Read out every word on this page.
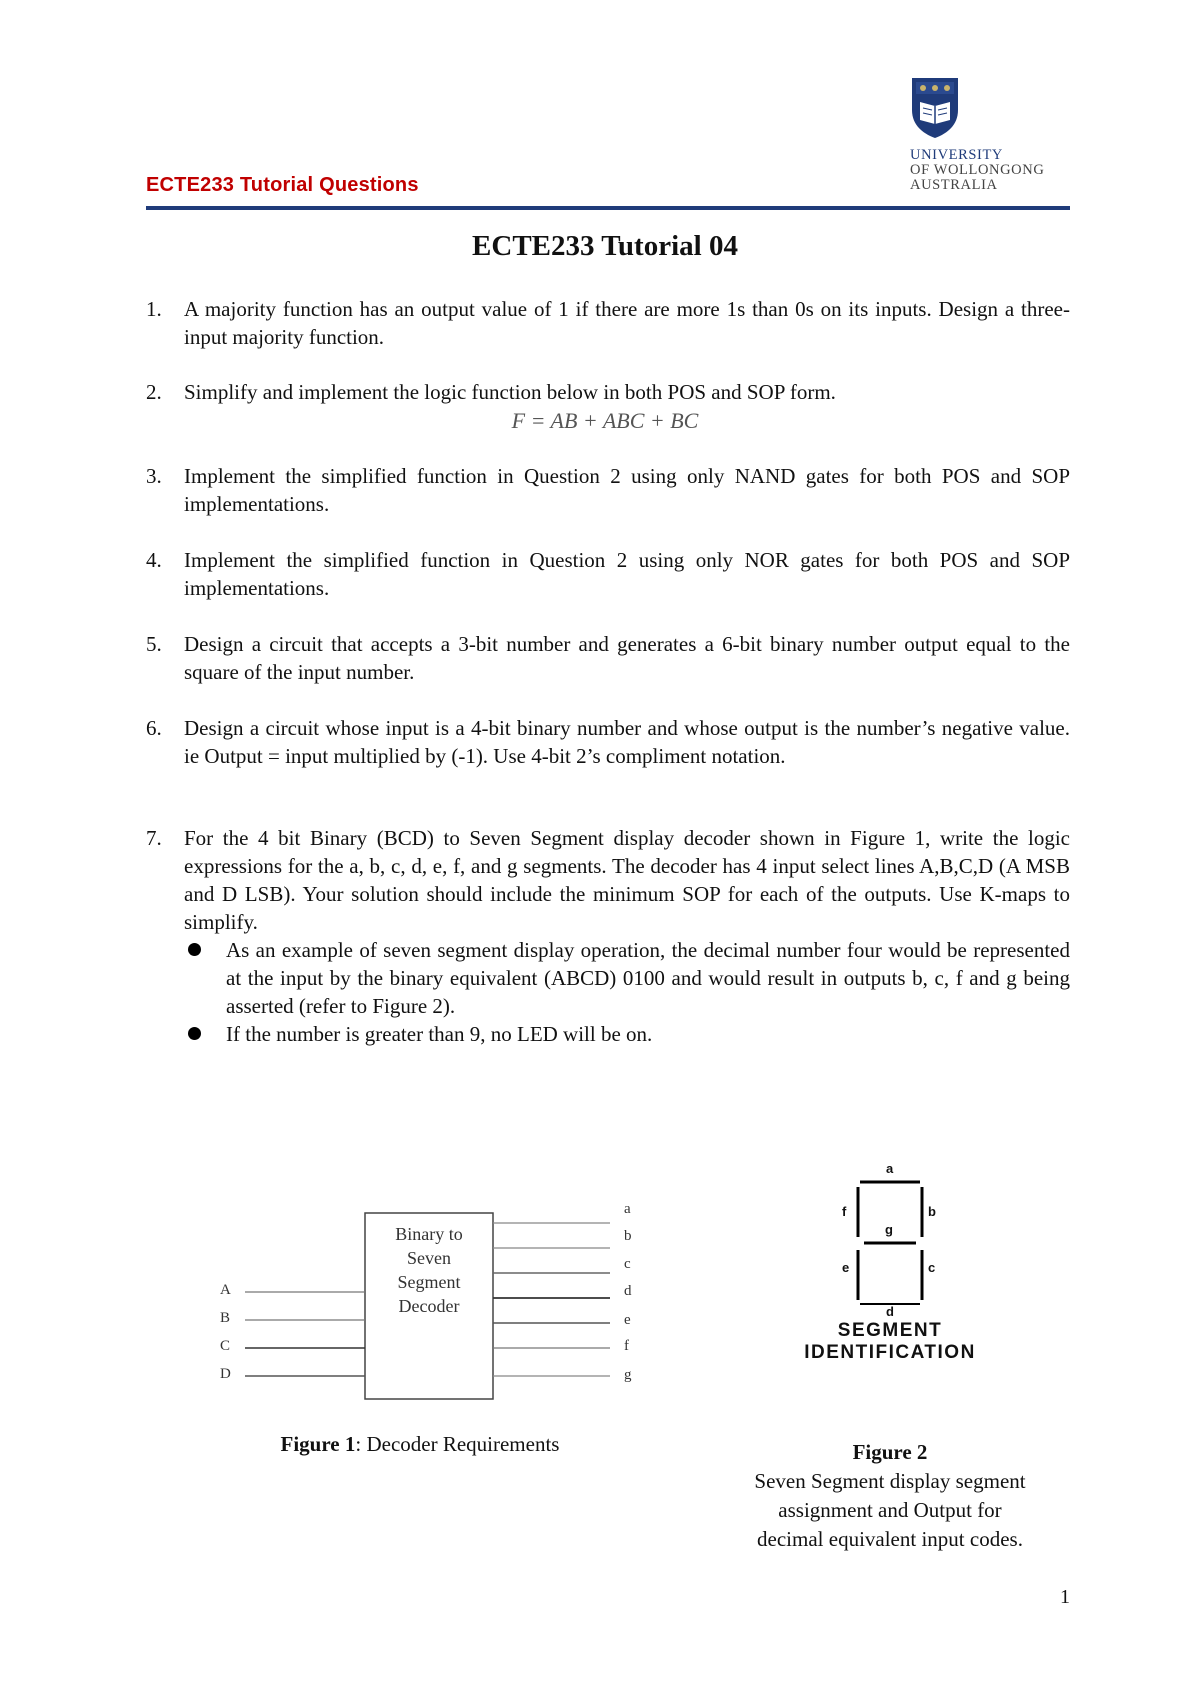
ECTE233 Tutorial Questions
UNIVERSITY
OF WOLLONGONG
AUSTRALIA
ECTE233 Tutorial 04
1. A majority function has an output value of 1 if there are more 1s than 0s on its inputs. Design a three-input majority function.
2. Simplify and implement the logic function below in both POS and SOP form.
F = AB + ABC + BC
3. Implement the simplified function in Question 2 using only NAND gates for both POS and SOP implementations.
4. Implement the simplified function in Question 2 using only NOR gates for both POS and SOP implementations.
5. Design a circuit that accepts a 3-bit number and generates a 6-bit binary number output equal to the square of the input number.
6. Design a circuit whose input is a 4-bit binary number and whose output is the number’s negative value. ie Output = input multiplied by (-1). Use 4-bit 2’s compliment notation.
7. For the 4 bit Binary (BCD) to Seven Segment display decoder shown in Figure 1, write the logic expressions for the a, b, c, d, e, f, and g segments. The decoder has 4 input select lines A,B,C,D (A MSB and D LSB). Your solution should include the minimum SOP for each of the outputs. Use K-maps to simplify.
As an example of seven segment display operation, the decimal number four would be represented at the input by the binary equivalent (ABCD) 0100 and would result in outputs b, c, f and g being asserted (refer to Figure 2).
If the number is greater than 9, no LED will be on.
Binary to
Seven
Segment
Decoder
A
B
C
D
a
b
c
d
e
f
g
Figure 1: Decoder Requirements
a
f	b
g
e	c
d
SEGMENT
IDENTIFICATION
Figure 2
Seven Segment display segment
assignment and Output for
decimal equivalent input codes.
1
